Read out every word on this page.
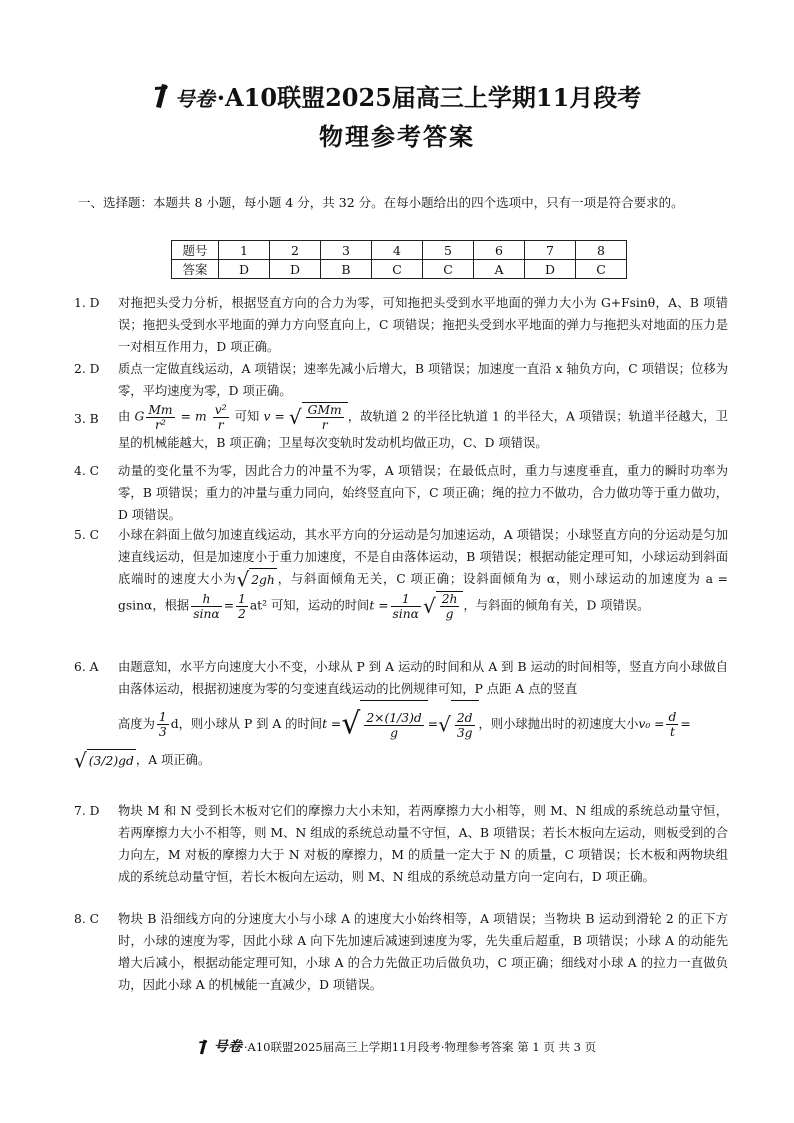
号卷·A10联盟2025届高三上学期11月段考
物理参考答案
一、选择题：本题共 8 小题，每小题 4 分，共 32 分。在每小题给出的四个选项中，只有一项是符合要求的。
题号	1	2	3	4	5	6	7	8
答案	D	D	B	C	C	A	D	C
1. D	对拖把头受力分析，根据竖直方向的合力为零，可知拖把头受到水平地面的弹力大小为 G+Fsinθ，A、B 项错误；拖把头受到水平地面的弹力方向竖直向上，C 项错误；拖把头受到水平地面的弹力与拖把头对地面的压力是一对相互作用力，D 项正确。
2. D	质点一定做直线运动，A 项错误；速率先减小后增大，B 项错误；加速度一直沿 x 轴负方向，C 项错误；位移为零，平均速度为零，D 项正确。
3. B	由 G $\frac{Mm}{\text{r²}} = m \frac{\text{v²}}{r}$ 可知 v = √ $\frac{\text{GMm}}{r}$ ，故轨道 2 的半径比轨道 1 的半径大，A 项错误；轨道半径越大，卫星的机械能越大，B 项正确；卫星每次变轨时发动机均做正功，C、D 项错误。
4. C	动量的变化量不为零，因此合力的冲量不为零，A 项错误；在最低点时，重力与速度垂直，重力的瞬时功率为零，B 项错误；重力的冲量与重力同向，始终竖直向下，C 项正确；绳的拉力不做功，合力做功等于重力做功，D 项错误。
5. C	小球在斜面上做匀加速直线运动，其水平方向的分运动是匀加速运动，A 项错误；小球竖直方向的分运动是匀加速直线运动，但是加速度小于重力加速度，不是自由落体运动，B 项错误；根据动能定理可知，小球运动到斜面底端时的速度大小为√ 2gh ，与斜面倾角无关，C 项正确；设斜面倾角为 α，则小球运动的加速度为 a = gsinα，根据 $\frac{h}{\sin\alpha} = \frac{1}{2} at^2$ 可知，运动的时间$t = \frac{1}{\sin\alpha}$ √ $\frac{2h}{g}$ ，与斜面的倾角有关，D 项错误。
6. A	由题意知，水平方向速度大小不变，小球从 P 到 A 运动的时间和从 A 到 B 运动的时间相等，竖直方向小球做自由落体运动，根据初速度为零的匀变速直线运动的比例规律可知，P 点距 A 点的竖直
高度为 $\frac{1}{3}$ d，则小球从 P 到 A 的时间t =√ $\frac{2\times(1/3)d}{g}$ =√ $\frac{2d}{3g}$ ，则小球抛出时的初速度大小$v_0 = \frac{d}{t}$ =
√ (3/2)gd ，A 项正确。
7. D	物块 M 和 N 受到长木板对它们的摩擦力大小未知，若两摩擦力大小相等，则 M、N 组成的系统总动量守恒，若两摩擦力大小不相等，则 M、N 组成的系统总动量不守恒，A、B 项错误；若长木板向左运动，则板受到的合力向左，M 对板的摩擦力大于 N 对板的摩擦力，M 的质量一定大于 N 的质量，C 项错误；长木板和两物块组成的系统总动量守恒，若长木板向左运动，则 M、N 组成的系统总动量方向一定向右，D 项正确。
8. C	物块 B 沿细线方向的分速度大小与小球 A 的速度大小始终相等，A 项错误；当物块 B 运动到滑轮 2 的正下方时，小球的速度为零，因此小球 A 向下先加速后减速到速度为零，先失重后超重，B 项错误；小球 A 的动能先增大后减小，根据动能定理可知，小球 A 的合力先做正功后做负功，C 项正确；细线对小球 A 的拉力一直做负功，因此小球 A 的机械能一直减少，D 项错误。
号卷 ·A10联盟2025届高三上学期11月段考·物理参考答案 第 1 页 共 3 页
